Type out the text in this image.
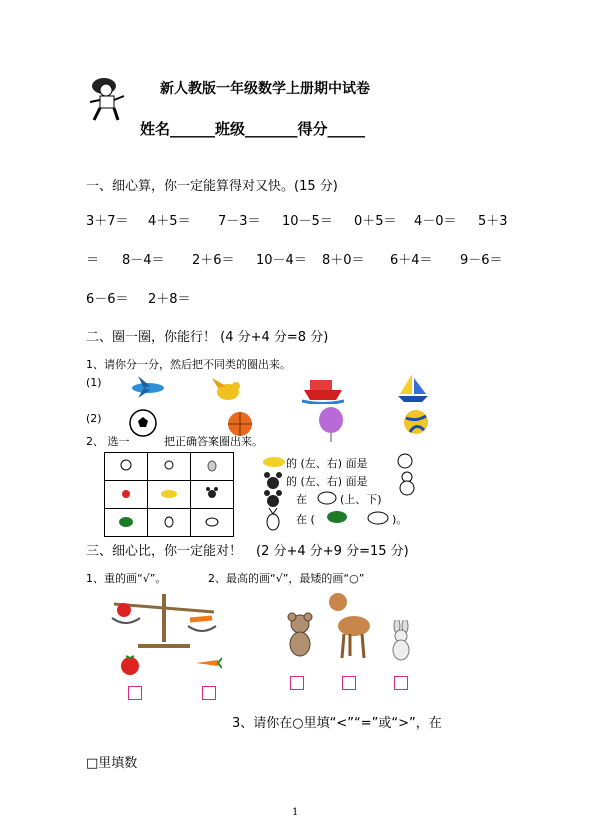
新人教版一年级数学上册期中试卷
姓名______班级_______得分_____
一、细心算，你一定能算得对又快。(15 分)
3＋7＝ 4＋5＝ 7－3＝ 10－5＝ 0＋5＝ 4－0＝ 5＋3
＝ 8－4＝ 2＋6＝ 10－4＝ 8＋0＝ 6＋4＝ 9－6＝
6－6＝ 2＋8＝
二、圈一圈，你能行！ (4 分+4 分=8 分)
1、请你分一分，然后把不同类的圈出来。
(1)
(2)
2、 选一	把正确答案圈出来。

的 (左、右) 面是
的 (左、右) 面是
在	(上、下)
在 (	)。
三、细心比，你一定能对！ (2 分+4 分+9 分=15 分)
1、重的画“√”。	2、最高的画“√”，最矮的画“○”
3、请你在○里填“<”“=”或“>”，在
□里填数
1
